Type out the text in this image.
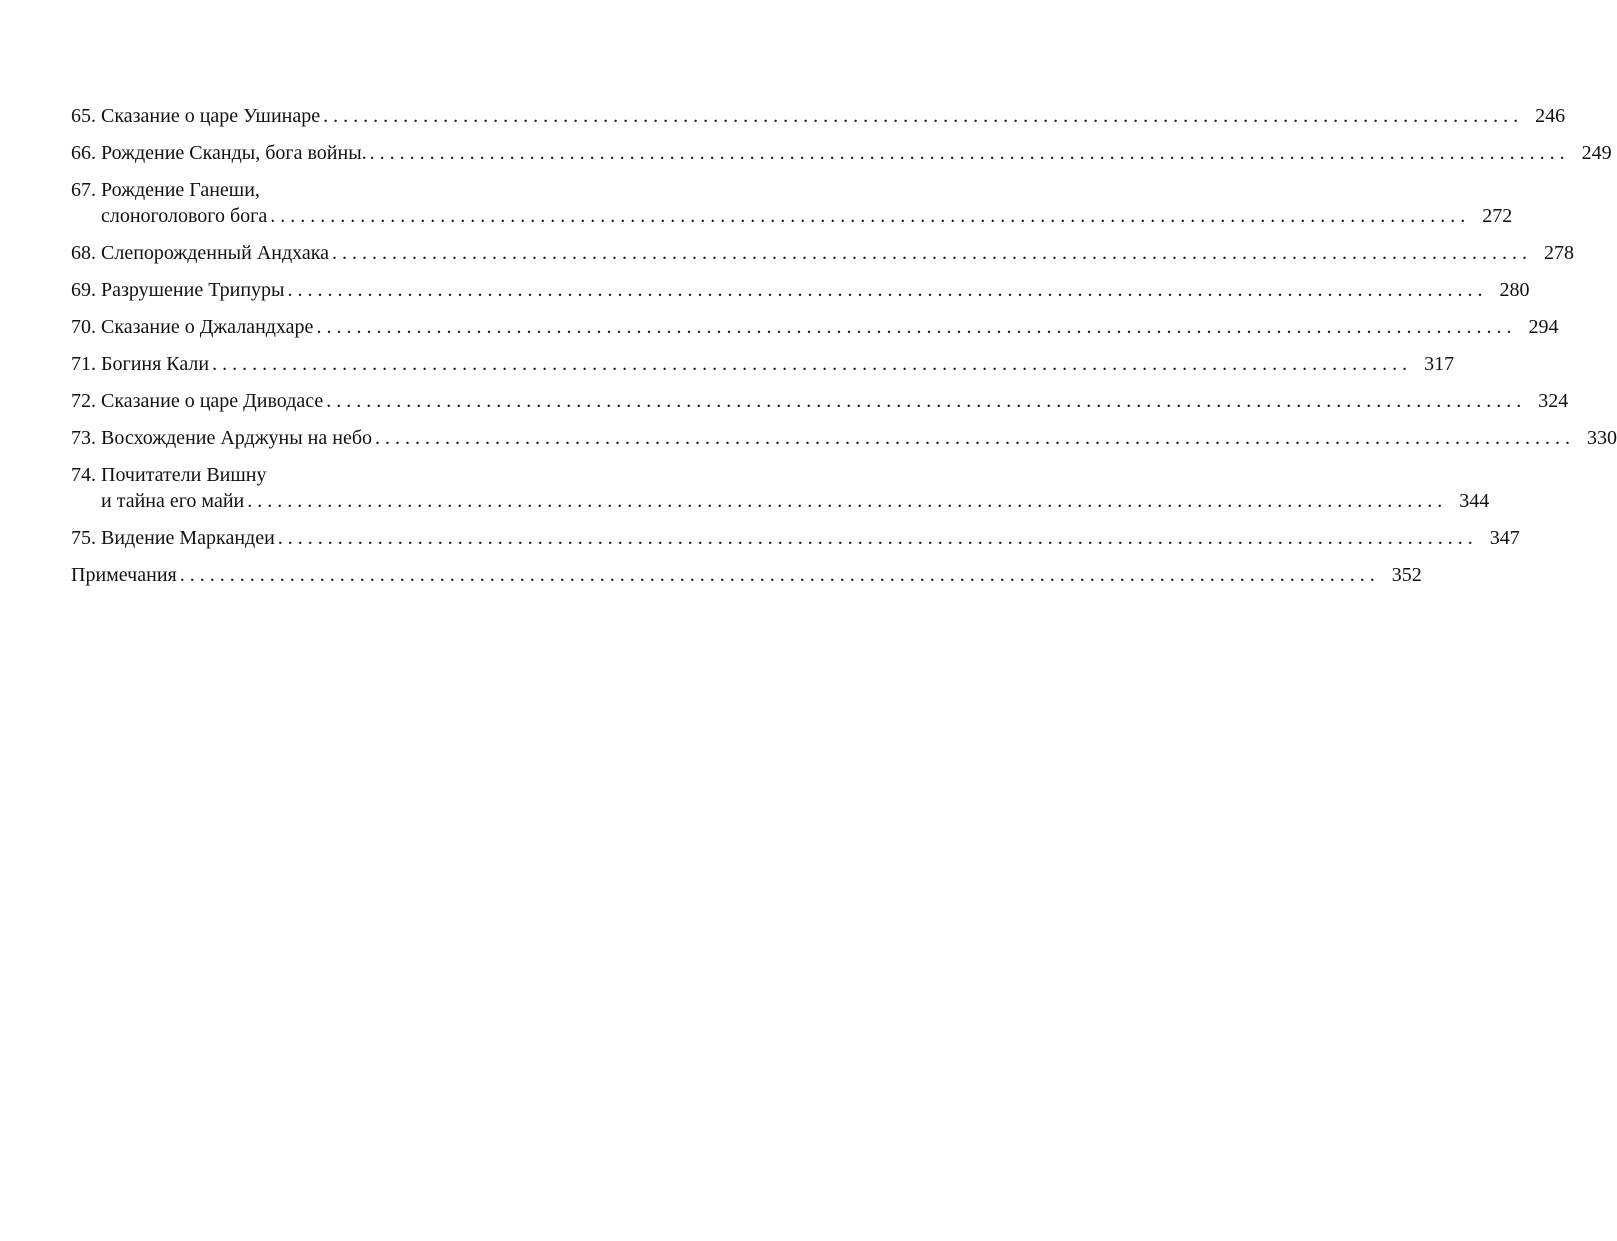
65. Сказание о царе Ушинаре ........................................................................................................................ 246
66. Рождение Сканды, бога войны. ........................................................................................................................ 249
67. Рождение Ганеши,
слоноголового бога ........................................................................................................................ 272
68. Слепорожденный Андхака ........................................................................................................................ 278
69. Разрушение Трипуры ........................................................................................................................ 280
70. Сказание о Джаландхаре ........................................................................................................................ 294
71. Богиня Кали ........................................................................................................................ 317
72. Сказание о царе Диводасе ........................................................................................................................ 324
73. Восхождение Арджуны на небо ........................................................................................................................ 330
74. Почитатели Вишну
и тайна его майи ........................................................................................................................ 344
75. Видение Маркандеи ........................................................................................................................ 347
Примечания ........................................................................................................................ 352
